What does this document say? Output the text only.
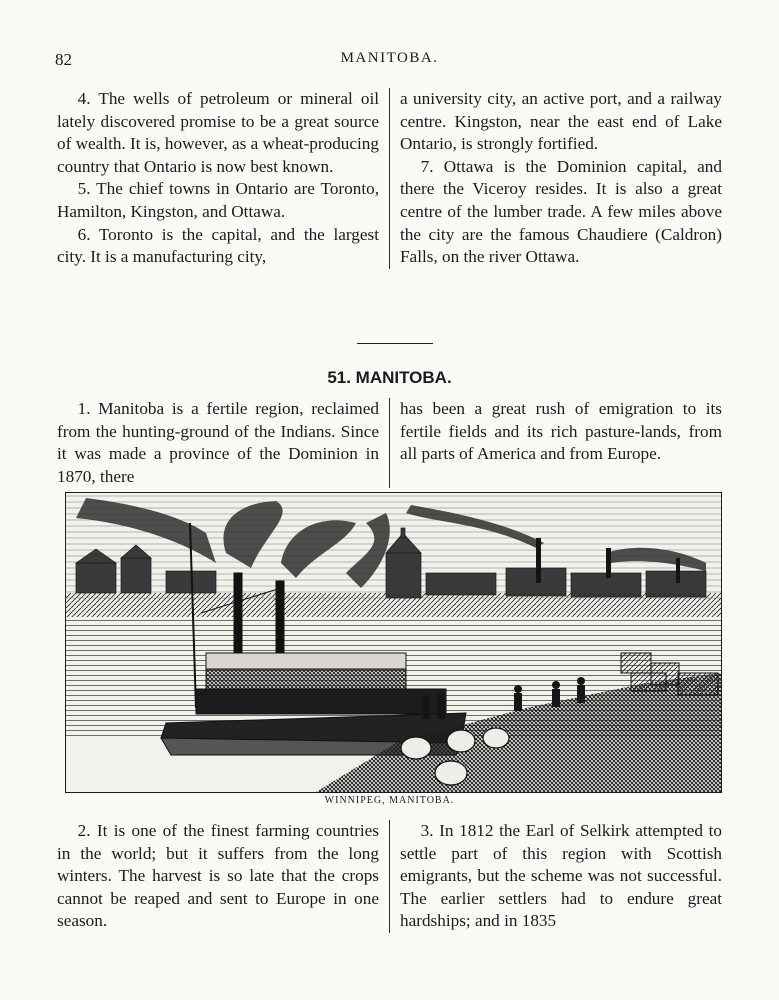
82	MANITOBA.

4. The wells of petroleum or mineral oil lately discovered promise to be a great source of wealth. It is, however, as a wheat-producing country that Ontario is now best known.

5. The chief towns in Ontario are Toronto, Hamilton, Kingston, and Ottawa.

6. Toronto is the capital, and the largest city. It is a manufacturing city,

a university city, an active port, and a railway centre. Kingston, near the east end of Lake Ontario, is strongly fortified.

7. Ottawa is the Dominion capital, and there the Viceroy resides. It is also a great centre of the lumber trade. A few miles above the city are the famous Chaudiere (Caldron) Falls, on the river Ottawa.

51. MANITOBA.

1. Manitoba is a fertile region, reclaimed from the hunting-ground of the Indians. Since it was made a province of the Dominion in 1870, there

has been a great rush of emigration to its fertile fields and its rich pasture-lands, from all parts of America and from Europe.

WINNIPEG, MANITOBA.

2. It is one of the finest farming countries in the world; but it suffers from the long winters. The harvest is so late that the crops cannot be reaped and sent to Europe in one season.

3. In 1812 the Earl of Selkirk attempted to settle part of this region with Scottish emigrants, but the scheme was not successful. The earlier settlers had to endure great hardships; and in 1835
